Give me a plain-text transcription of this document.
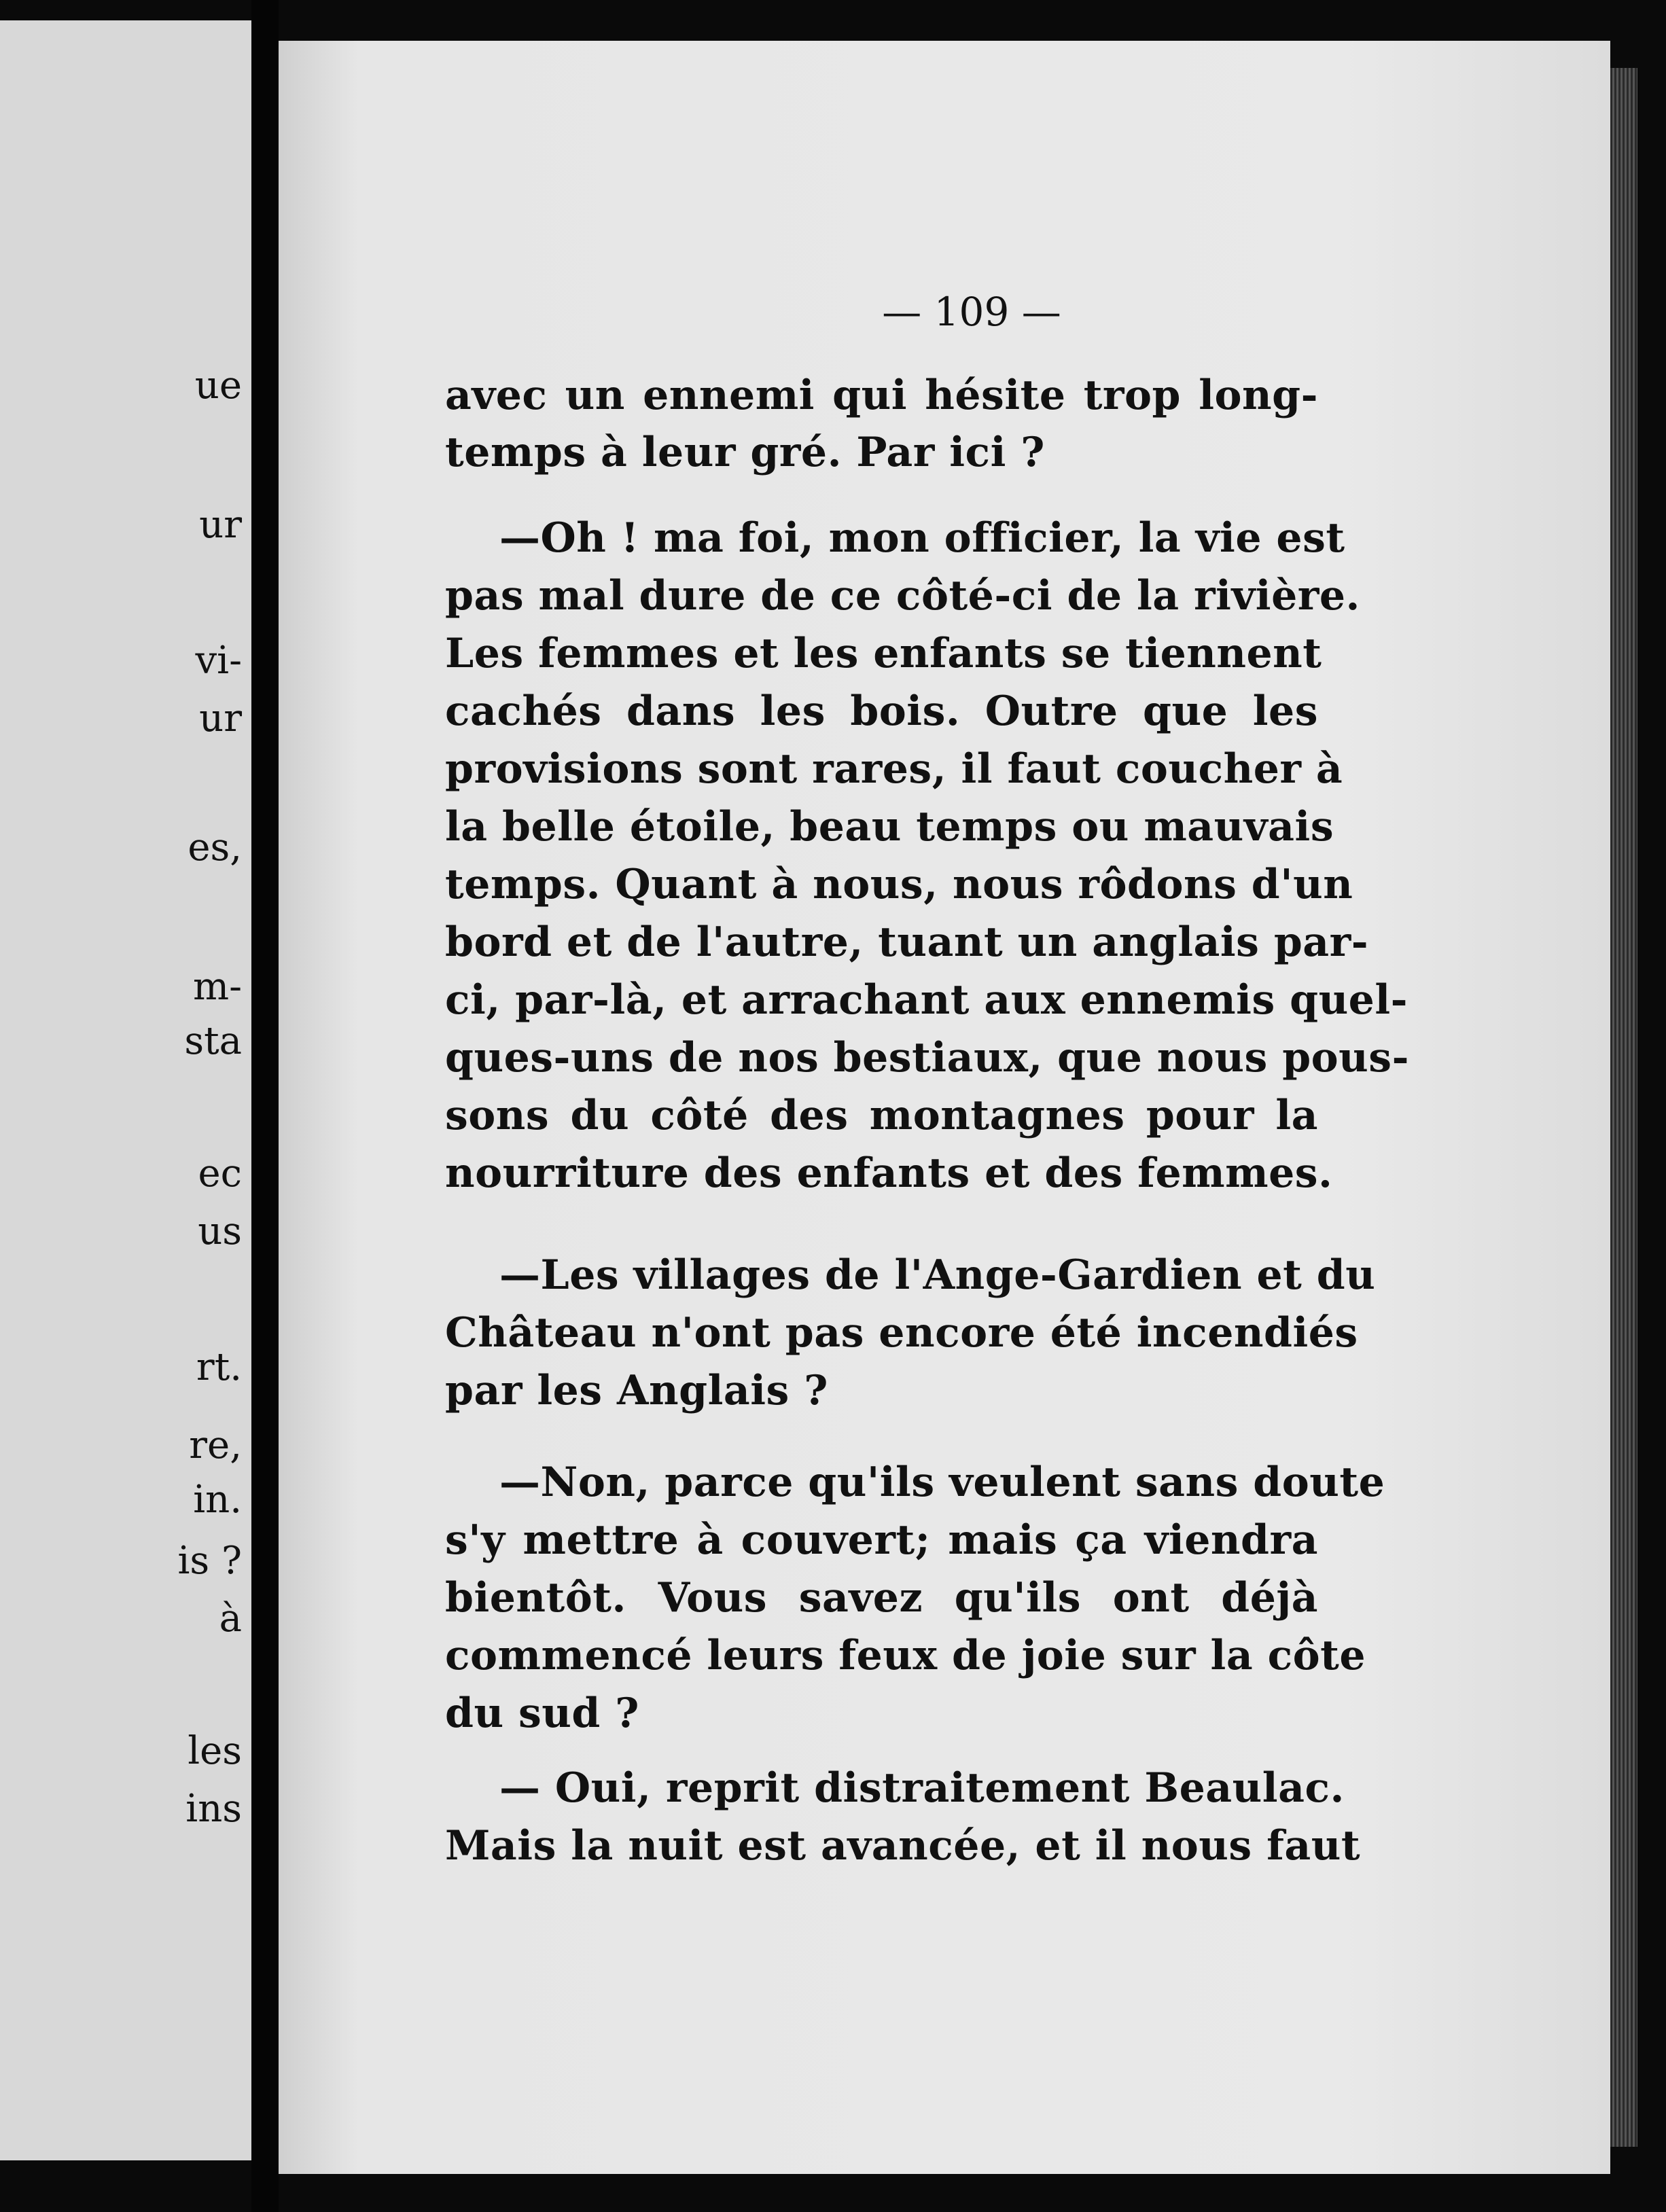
ue
ur
vi-
ur
es,
m-
sta
ec
us
rt.
re,
in.
is ?
à
les
ins
— 109 —
avec un ennemi qui hésite trop long-
temps à leur gré. Par ici ?
—Oh ! ma foi, mon officier, la vie est
pas mal dure de ce côté-ci de la rivière.
Les femmes et les enfants se tiennent
cachés dans les bois. Outre que les
provisions sont rares, il faut coucher à
la belle étoile, beau temps ou mauvais
temps. Quant à nous, nous rôdons d'un
bord et de l'autre, tuant un anglais par-
ci, par-là, et arrachant aux ennemis quel-
ques-uns de nos bestiaux, que nous pous-
sons du côté des montagnes pour la
nourriture des enfants et des femmes.
—Les villages de l'Ange-Gardien et du
Château n'ont pas encore été incendiés
par les Anglais ?
—Non, parce qu'ils veulent sans doute
s'y mettre à couvert; mais ça viendra
bientôt. Vous savez qu'ils ont déjà
commencé leurs feux de joie sur la côte
du sud ?
— Oui, reprit distraitement Beaulac.
Mais la nuit est avancée, et il nous faut
